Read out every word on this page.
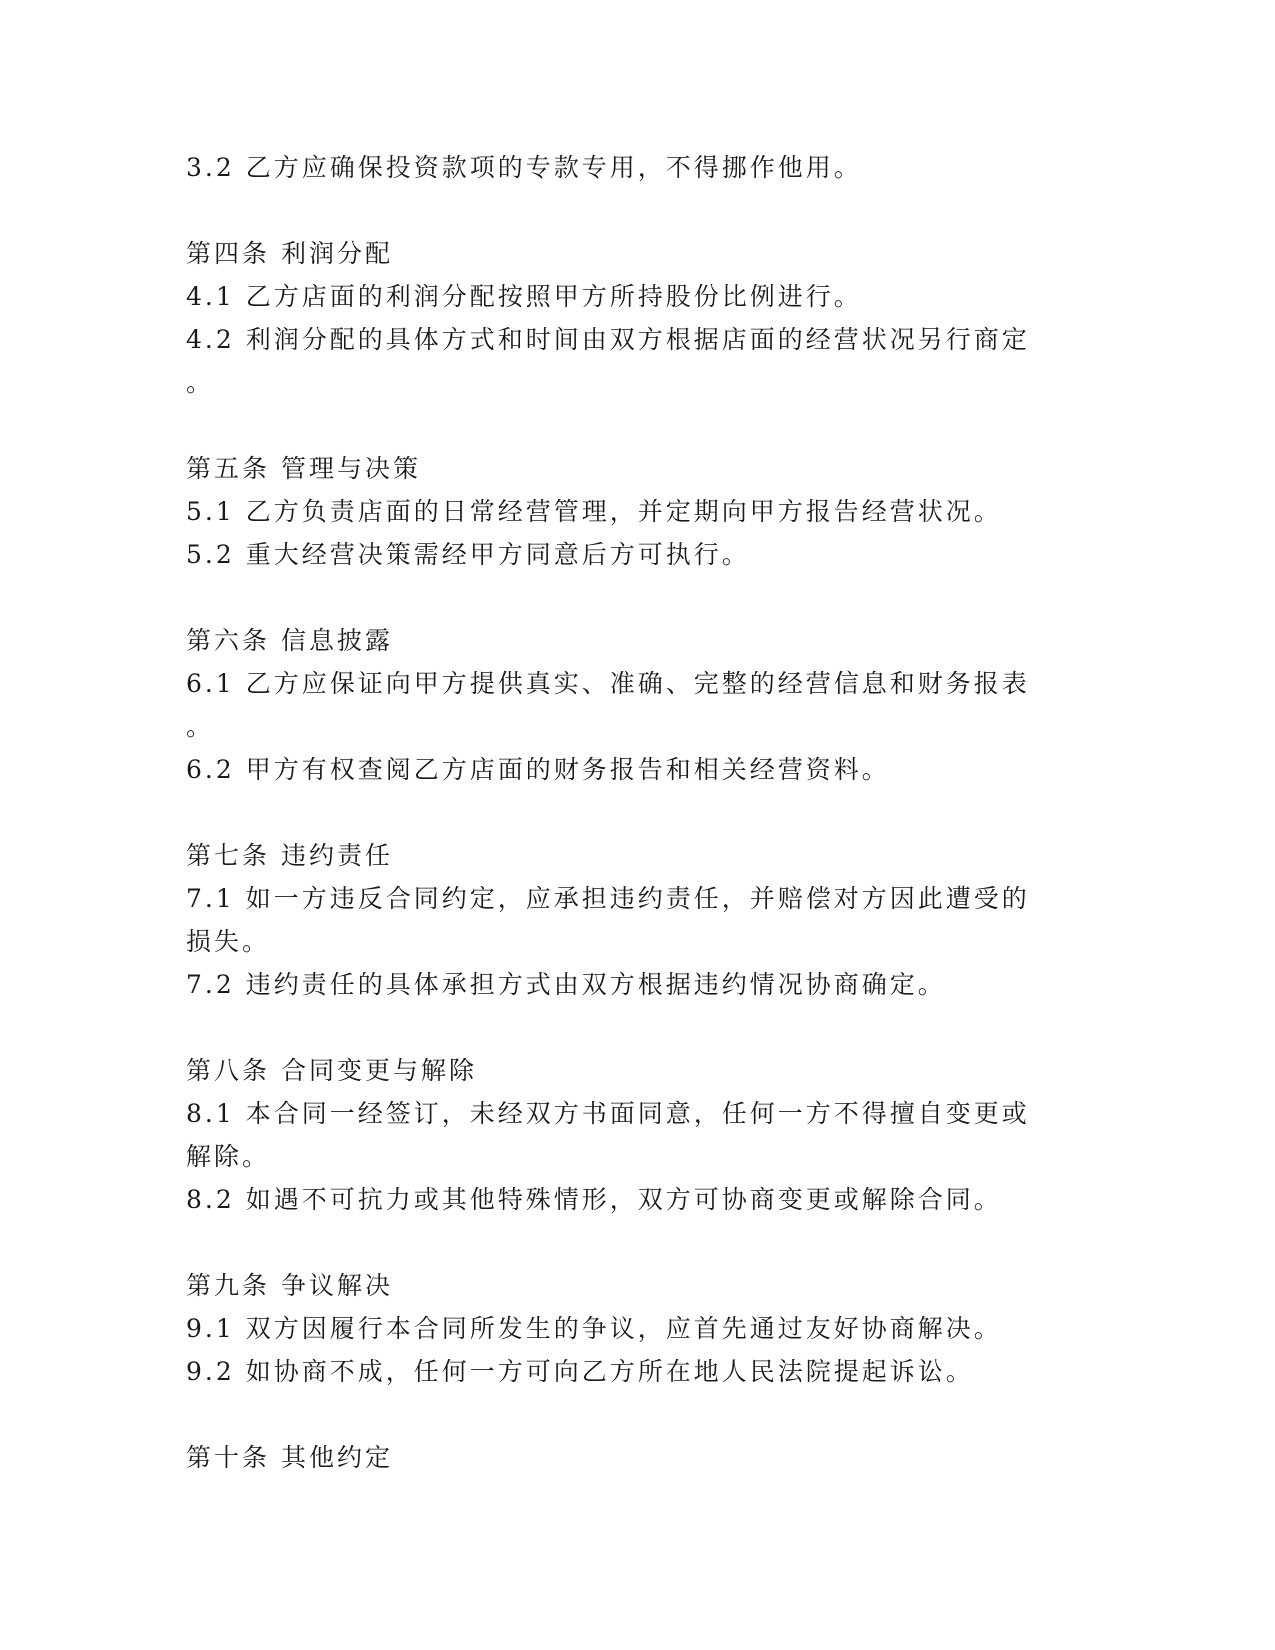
3.2 乙方应确保投资款项的专款专用，不得挪作他用。
第四条 利润分配
4.1 乙方店面的利润分配按照甲方所持股份比例进行。
4.2 利润分配的具体方式和时间由双方根据店面的经营状况另行商定
。
第五条 管理与决策
5.1 乙方负责店面的日常经营管理，并定期向甲方报告经营状况。
5.2 重大经营决策需经甲方同意后方可执行。
第六条 信息披露
6.1 乙方应保证向甲方提供真实、准确、完整的经营信息和财务报表
。
6.2 甲方有权查阅乙方店面的财务报告和相关经营资料。
第七条 违约责任
7.1 如一方违反合同约定，应承担违约责任，并赔偿对方因此遭受的
损失。
7.2 违约责任的具体承担方式由双方根据违约情况协商确定。
第八条 合同变更与解除
8.1 本合同一经签订，未经双方书面同意，任何一方不得擅自变更或
解除。
8.2 如遇不可抗力或其他特殊情形，双方可协商变更或解除合同。
第九条 争议解决
9.1 双方因履行本合同所发生的争议，应首先通过友好协商解决。
9.2 如协商不成，任何一方可向乙方所在地人民法院提起诉讼。
第十条 其他约定
